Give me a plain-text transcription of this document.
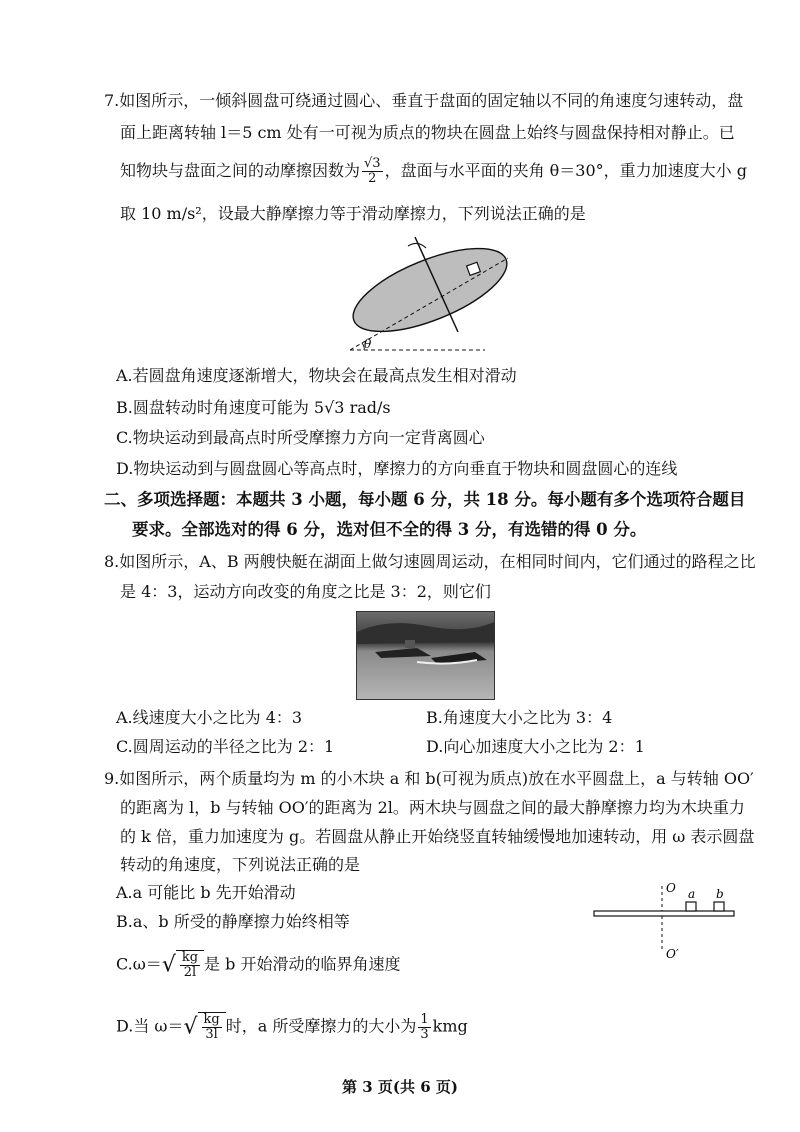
7.如图所示，一倾斜圆盘可绕通过圆心、垂直于盘面的固定轴以不同的角速度匀速转动，盘
面上距离转轴 l＝5 cm 处有一可视为质点的物块在圆盘上始终与圆盘保持相对静止。已
知物块与盘面之间的动摩擦因数为 $\frac{√3}{2}$ ，盘面与水平面的夹角 θ＝30°，重力加速度大小 g
取 10 m/s²，设最大静摩擦力等于滑动摩擦力，下列说法正确的是
θ
A.若圆盘角速度逐渐增大，物块会在最高点发生相对滑动
B.圆盘转动时角速度可能为 5√3 rad/s
C.物块运动到最高点时所受摩擦力方向一定背离圆心
D.物块运动到与圆盘圆心等高点时，摩擦力的方向垂直于物块和圆盘圆心的连线
二、多项选择题：本题共 3 小题，每小题 6 分，共 18 分。每小题有多个选项符合题目
要求。全部选对的得 6 分，选对但不全的得 3 分，有选错的得 0 分。
8.如图所示，A、B 两艘快艇在湖面上做匀速圆周运动，在相同时间内，它们通过的路程之比
是 4：3，运动方向改变的角度之比是 3：2，则它们
A.线速度大小之比为 4：3	B.角速度大小之比为 3：4
C.圆周运动的半径之比为 2：1	D.向心加速度大小之比为 2：1
9.如图所示，两个质量均为 m 的小木块 a 和 b(可视为质点)放在水平圆盘上，a 与转轴 OO′
的距离为 l，b 与转轴 OO′的距离为 2l。两木块与圆盘之间的最大静摩擦力均为木块重力
的 k 倍，重力加速度为 g。若圆盘从静止开始绕竖直转轴缓慢地加速转动，用 ω 表示圆盘
转动的角速度，下列说法正确的是
A.a 可能比 b 先开始滑动
B.a、b 所受的静摩擦力始终相等
$C.\omega=√ \frac{kg}{2l}$ 是 b 开始滑动的临界角速度
D.当 $\omega=√ \frac{kg}{3l}$ 时，a 所受摩擦力的大小为 $\frac{1}{3}$ kmg
O
O′
a b
第 3 页(共 6 页)
